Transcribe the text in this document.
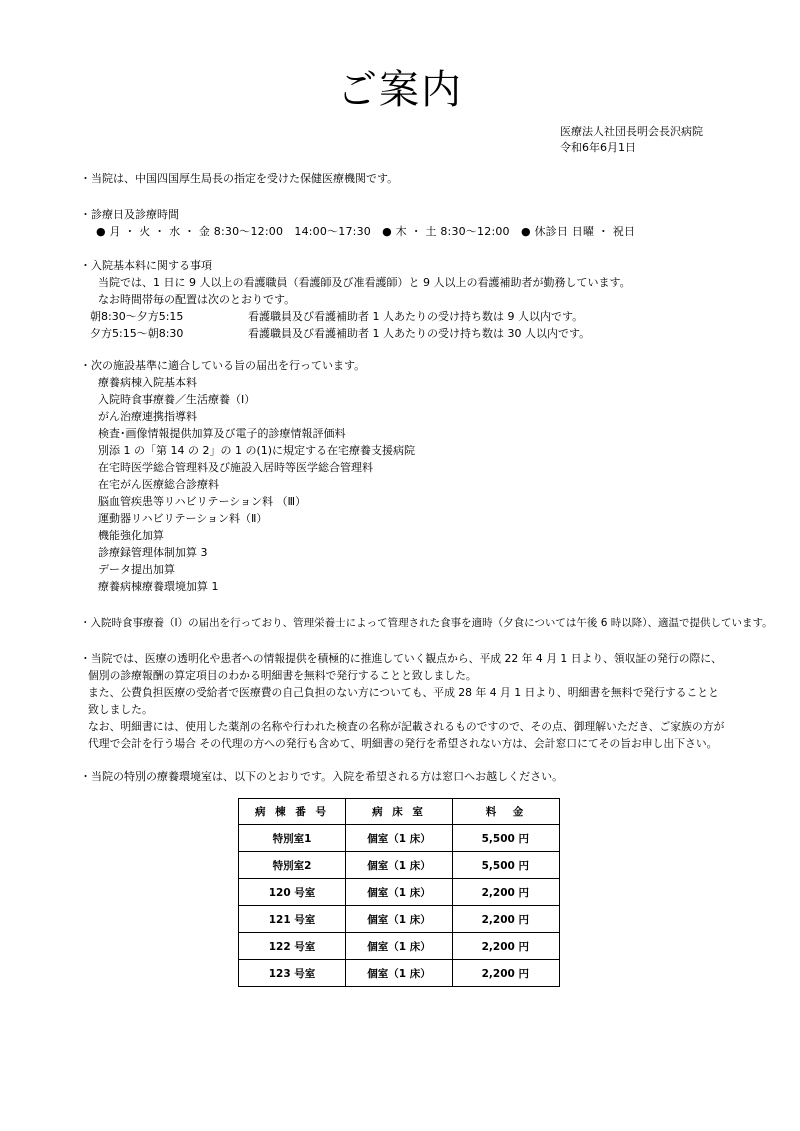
ご案内
医療法人社団長明会長沢病院
令和6年6月1日
・当院は、中国四国厚生局長の指定を受けた保健医療機関です。
・診療日及診療時間
● 月 ・ 火 ・ 水 ・ 金 8:30～12:00　14:00～17:30　● 木 ・ 土 8:30～12:00　● 休診日 日曜 ・ 祝日
・入院基本料に関する事項
当院では、1 日に 9 人以上の看護職員（看護師及び准看護師）と 9 人以上の看護補助者が勤務しています。
なお時間帯毎の配置は次のとおりです。
朝8:30～夕方5:15	看護職員及び看護補助者 1 人あたりの受け持ち数は 9 人以内です。
夕方5:15～朝8:30	看護職員及び看護補助者 1 人あたりの受け持ち数は 30 人以内です。
・次の施設基準に適合している旨の届出を行っています。
療養病棟入院基本料
入院時食事療養／生活療養（Ⅰ）
がん治療連携指導料
検査･画像情報提供加算及び電子的診療情報評価料
別添 1 の「第 14 の 2」の 1 の(1)に規定する在宅療養支援病院
在宅時医学総合管理料及び施設入居時等医学総合管理料
在宅がん医療総合診療料
脳血管疾患等リハビリテーション料 （Ⅲ）
運動器リハビリテーション料（Ⅱ）
機能強化加算
診療録管理体制加算 3
データ提出加算
療養病棟療養環境加算 1
・入院時食事療養（Ⅰ）の届出を行っており、管理栄養士によって管理された食事を適時（夕食については午後 6 時以降）、適温で提供しています。
・当院では、医療の透明化や患者への情報提供を積極的に推進していく観点から、平成 22 年 4 月 1 日より、領収証の発行の際に、
個別の診療報酬の算定項目のわかる明細書を無料で発行することと致しました。
また、公費負担医療の受給者で医療費の自己負担のない方についても、平成 28 年 4 月 1 日より、明細書を無料で発行することと
致しました。
なお、明細書には、使用した薬剤の名称や行われた検査の名称が記載されるものですので、その点、御理解いただき、ご家族の方が
代理で会計を行う場合 その代理の方への発行も含めて、明細書の発行を希望されない方は、会計窓口にてその旨お申し出下さい。
・当院の特別の療養環境室は、以下のとおりです。入院を希望される方は窓口へお越しください。
病 棟 番 号	病 床 室	料　金
特別室1	個室（1 床）	5,500 円
特別室2	個室（1 床）	5,500 円
120 号室	個室（1 床）	2,200 円
121 号室	個室（1 床）	2,200 円
122 号室	個室（1 床）	2,200 円
123 号室	個室（1 床）	2,200 円
